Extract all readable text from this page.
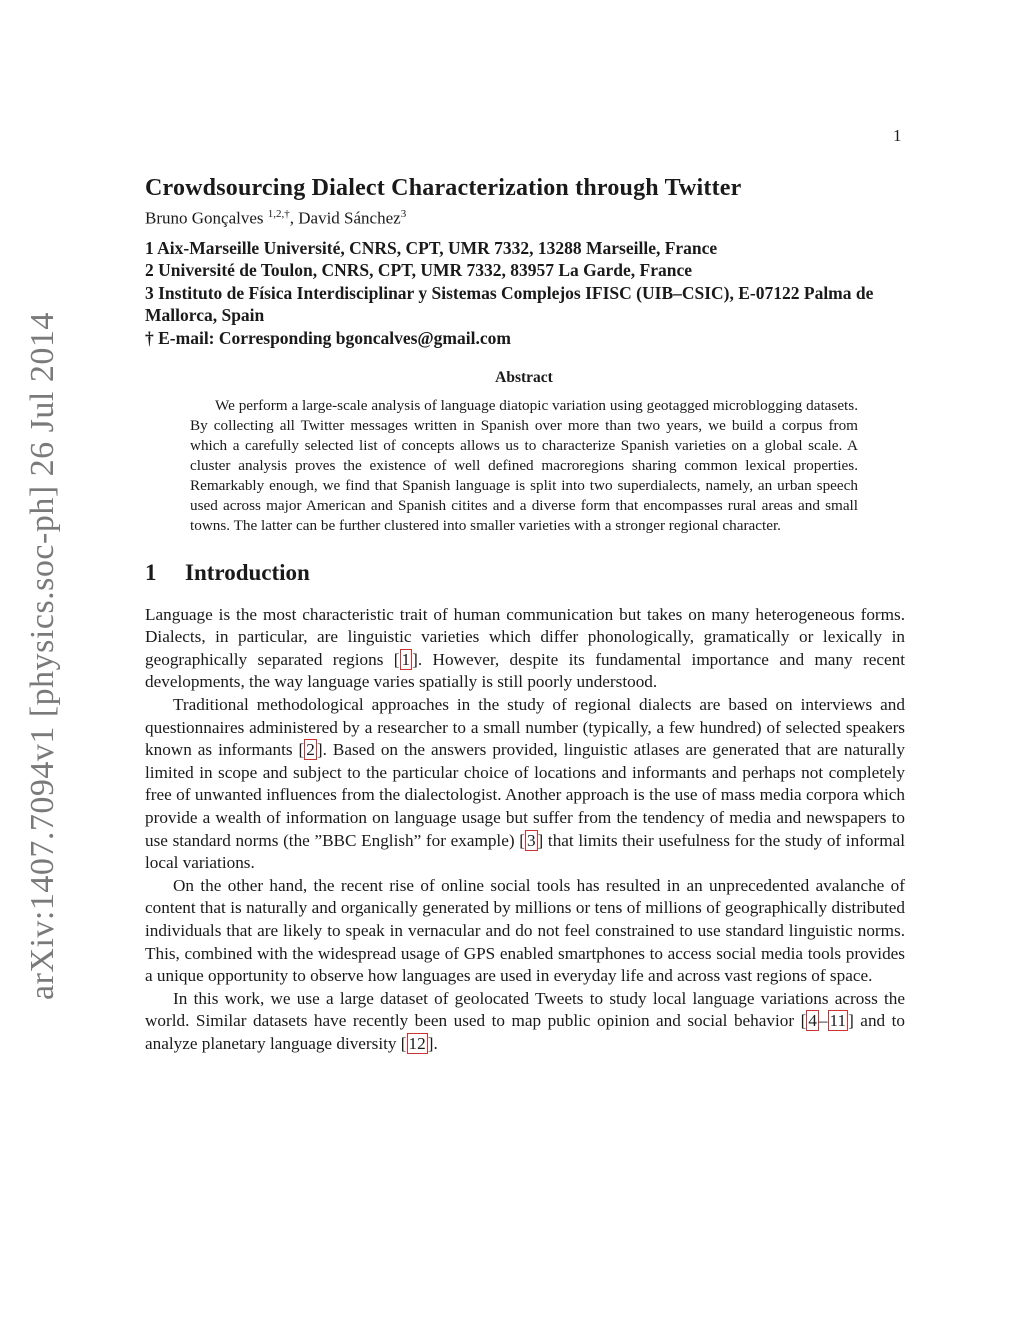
1
arXiv:1407.7094v1 [physics.soc-ph] 26 Jul 2014
Crowdsourcing Dialect Characterization through Twitter
Bruno Gonçalves $^{1,2,\dagger}$, David Sánchez$^3$
1 Aix-Marseille Université, CNRS, CPT, UMR 7332, 13288 Marseille, France
2 Université de Toulon, CNRS, CPT, UMR 7332, 83957 La Garde, France
3 Instituto de Física Interdisciplinar y Sistemas Complejos IFISC (UIB–CSIC), E-07122 Palma de Mallorca, Spain
† E-mail: Corresponding bgoncalves@gmail.com
Abstract
We perform a large-scale analysis of language diatopic variation using geotagged microblogging datasets. By collecting all Twitter messages written in Spanish over more than two years, we build a corpus from which a carefully selected list of concepts allows us to characterize Spanish varieties on a global scale. A cluster analysis proves the existence of well defined macroregions sharing common lexical properties. Remarkably enough, we find that Spanish language is split into two superdialects, namely, an urban speech used across major American and Spanish citites and a diverse form that encompasses rural areas and small towns. The latter can be further clustered into smaller varieties with a stronger regional character.
1 Introduction

Language is the most characteristic trait of human communication but takes on many heterogeneous forms. Dialects, in particular, are linguistic varieties which differ phonologically, gramatically or lexically in geographically separated regions [ 1 ]. However, despite its fundamental importance and many recent developments, the way language varies spatially is still poorly understood.

Traditional methodological approaches in the study of regional dialects are based on interviews and questionnaires administered by a researcher to a small number (typically, a few hundred) of selected speakers known as informants [ 2 ]. Based on the answers provided, linguistic atlases are generated that are naturally limited in scope and subject to the particular choice of locations and informants and perhaps not completely free of unwanted influences from the dialectologist. Another approach is the use of mass media corpora which provide a wealth of information on language usage but suffer from the tendency of media and newspapers to use standard norms (the ”BBC English” for example) [ 3 ] that limits their usefulness for the study of informal local variations.

On the other hand, the recent rise of online social tools has resulted in an unprecedented avalanche of content that is naturally and organically generated by millions or tens of millions of geographically distributed individuals that are likely to speak in vernacular and do not feel constrained to use standard linguistic norms. This, combined with the widespread usage of GPS enabled smartphones to access social media tools provides a unique opportunity to observe how languages are used in everyday life and across vast regions of space.

In this work, we use a large dataset of geolocated Tweets to study local language variations across the world. Similar datasets have recently been used to map public opinion and social behavior [ 4 – 11 ] and to analyze planetary language diversity [ 12 ].
